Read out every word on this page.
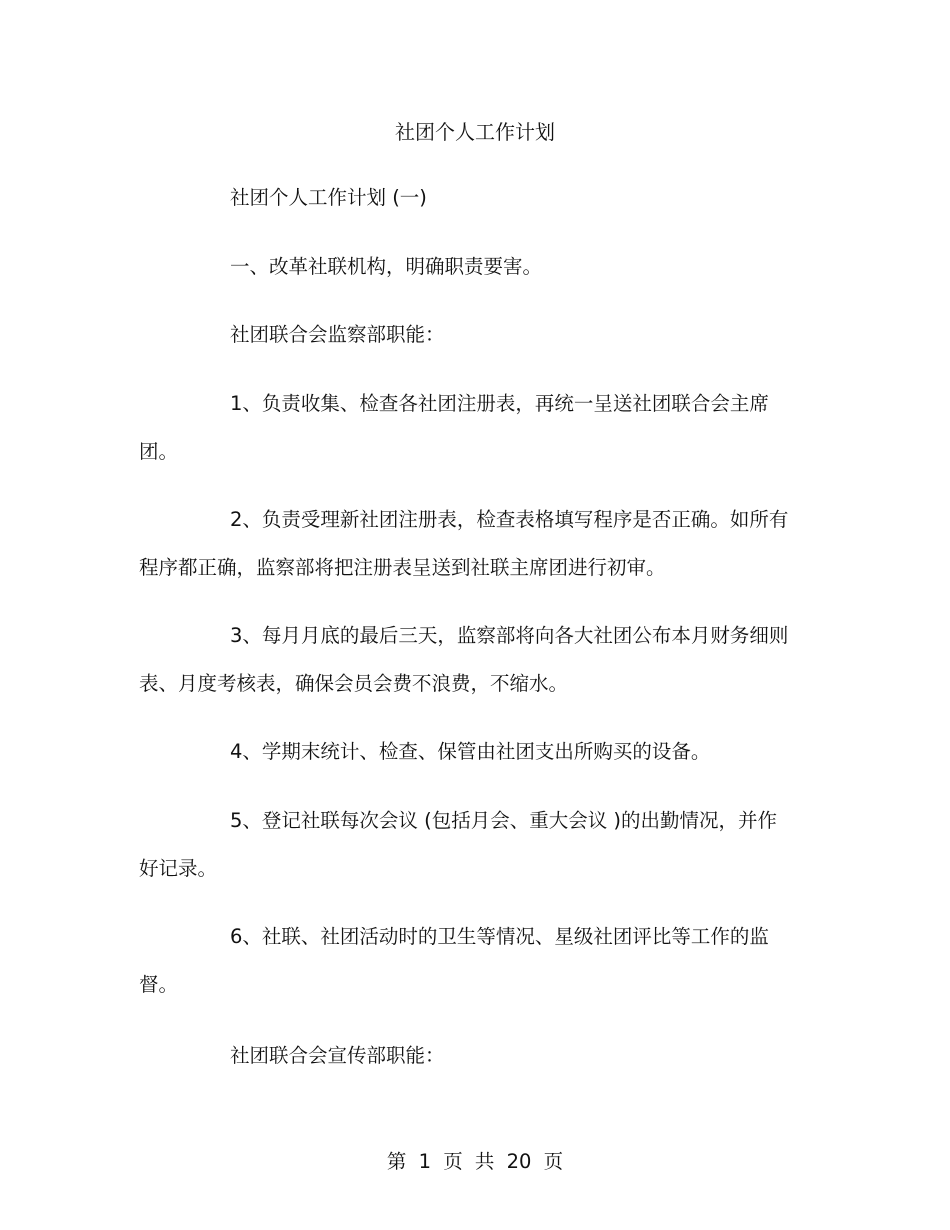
社团个人工作计划
社团个人工作计划 (一)
一、改革社联机构，明确职责要害。
社团联合会监察部职能：
1、负责收集、检查各社团注册表，再统一呈送社团联合会主席团。
2、负责受理新社团注册表，检查表格填写程序是否正确。如所有程序都正确，监察部将把注册表呈送到社联主席团进行初审。
3、每月月底的最后三天，监察部将向各大社团公布本月财务细则表、月度考核表，确保会员会费不浪费，不缩水。
4、学期末统计、检查、保管由社团支出所购买的设备。
5、登记社联每次会议 (包括月会、重大会议 )的出勤情况，并作好记录。
6、社联、社团活动时的卫生等情况、星级社团评比等工作的监督。
社团联合会宣传部职能：
第 1 页 共 20 页
